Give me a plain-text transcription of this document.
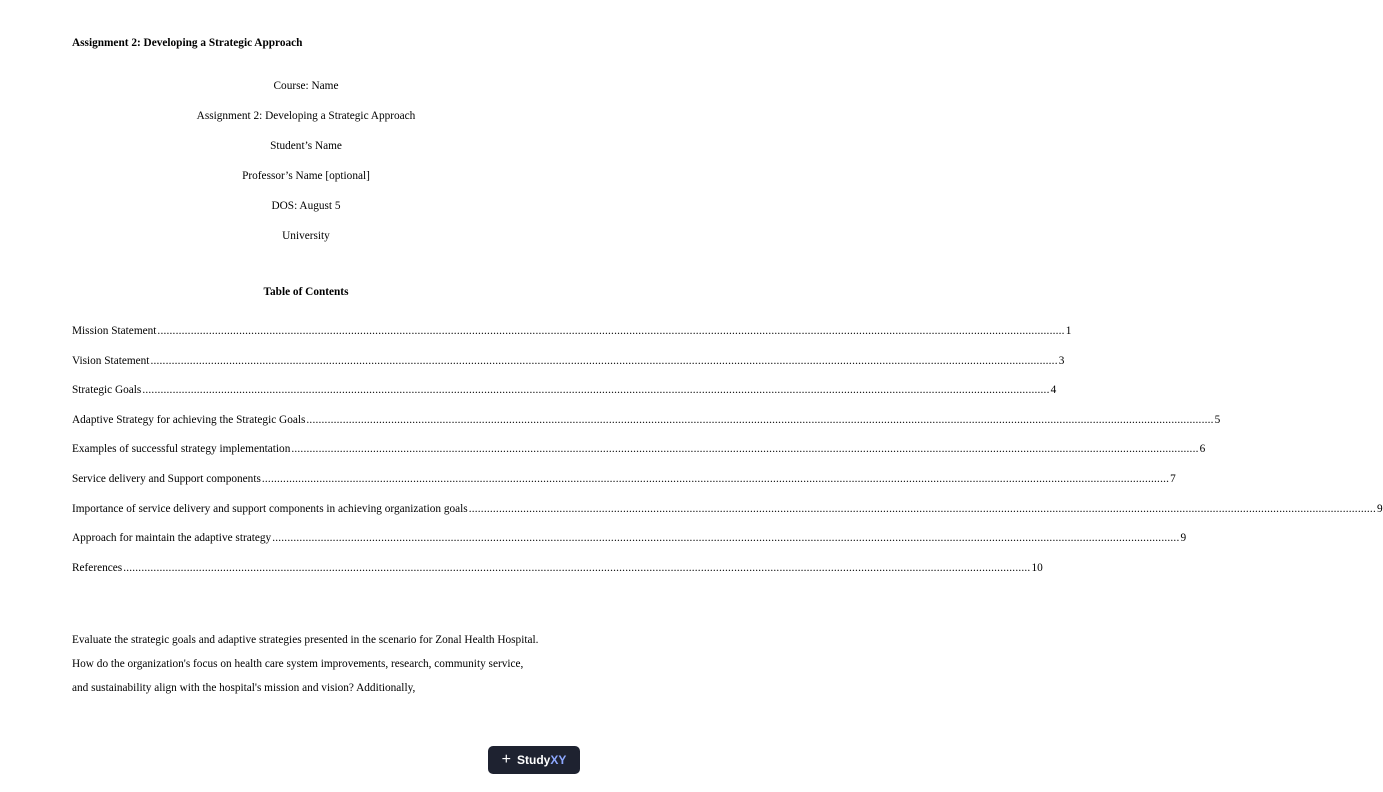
Assignment 2: Developing a Strategic Approach
Course: Name
Assignment 2: Developing a Strategic Approach
Student’s Name
Professor’s Name [optional]
DOS: August 5
University
Table of Contents
Mission Statement ............................................................................................................................................................................................................................................................................................................ 1
Vision Statement ............................................................................................................................................................................................................................................................................................................ 3
Strategic Goals ............................................................................................................................................................................................................................................................................................................ 4
Adaptive Strategy for achieving the Strategic Goals ............................................................................................................................................................................................................................................................................................................ 5
Examples of successful strategy implementation ............................................................................................................................................................................................................................................................................................................ 6
Service delivery and Support components ............................................................................................................................................................................................................................................................................................................ 7
Importance of service delivery and support components in achieving organization goals ............................................................................................................................................................................................................................................................................................................ 9
Approach for maintain the adaptive strategy ............................................................................................................................................................................................................................................................................................................ 9
References ............................................................................................................................................................................................................................................................................................................ 10
Evaluate the strategic goals and adaptive strategies presented in the scenario for Zonal Health Hospital. How do the organization's focus on health care system improvements, research, community service, and sustainability align with the hospital's mission and vision? Additionally,
+ Study XY
